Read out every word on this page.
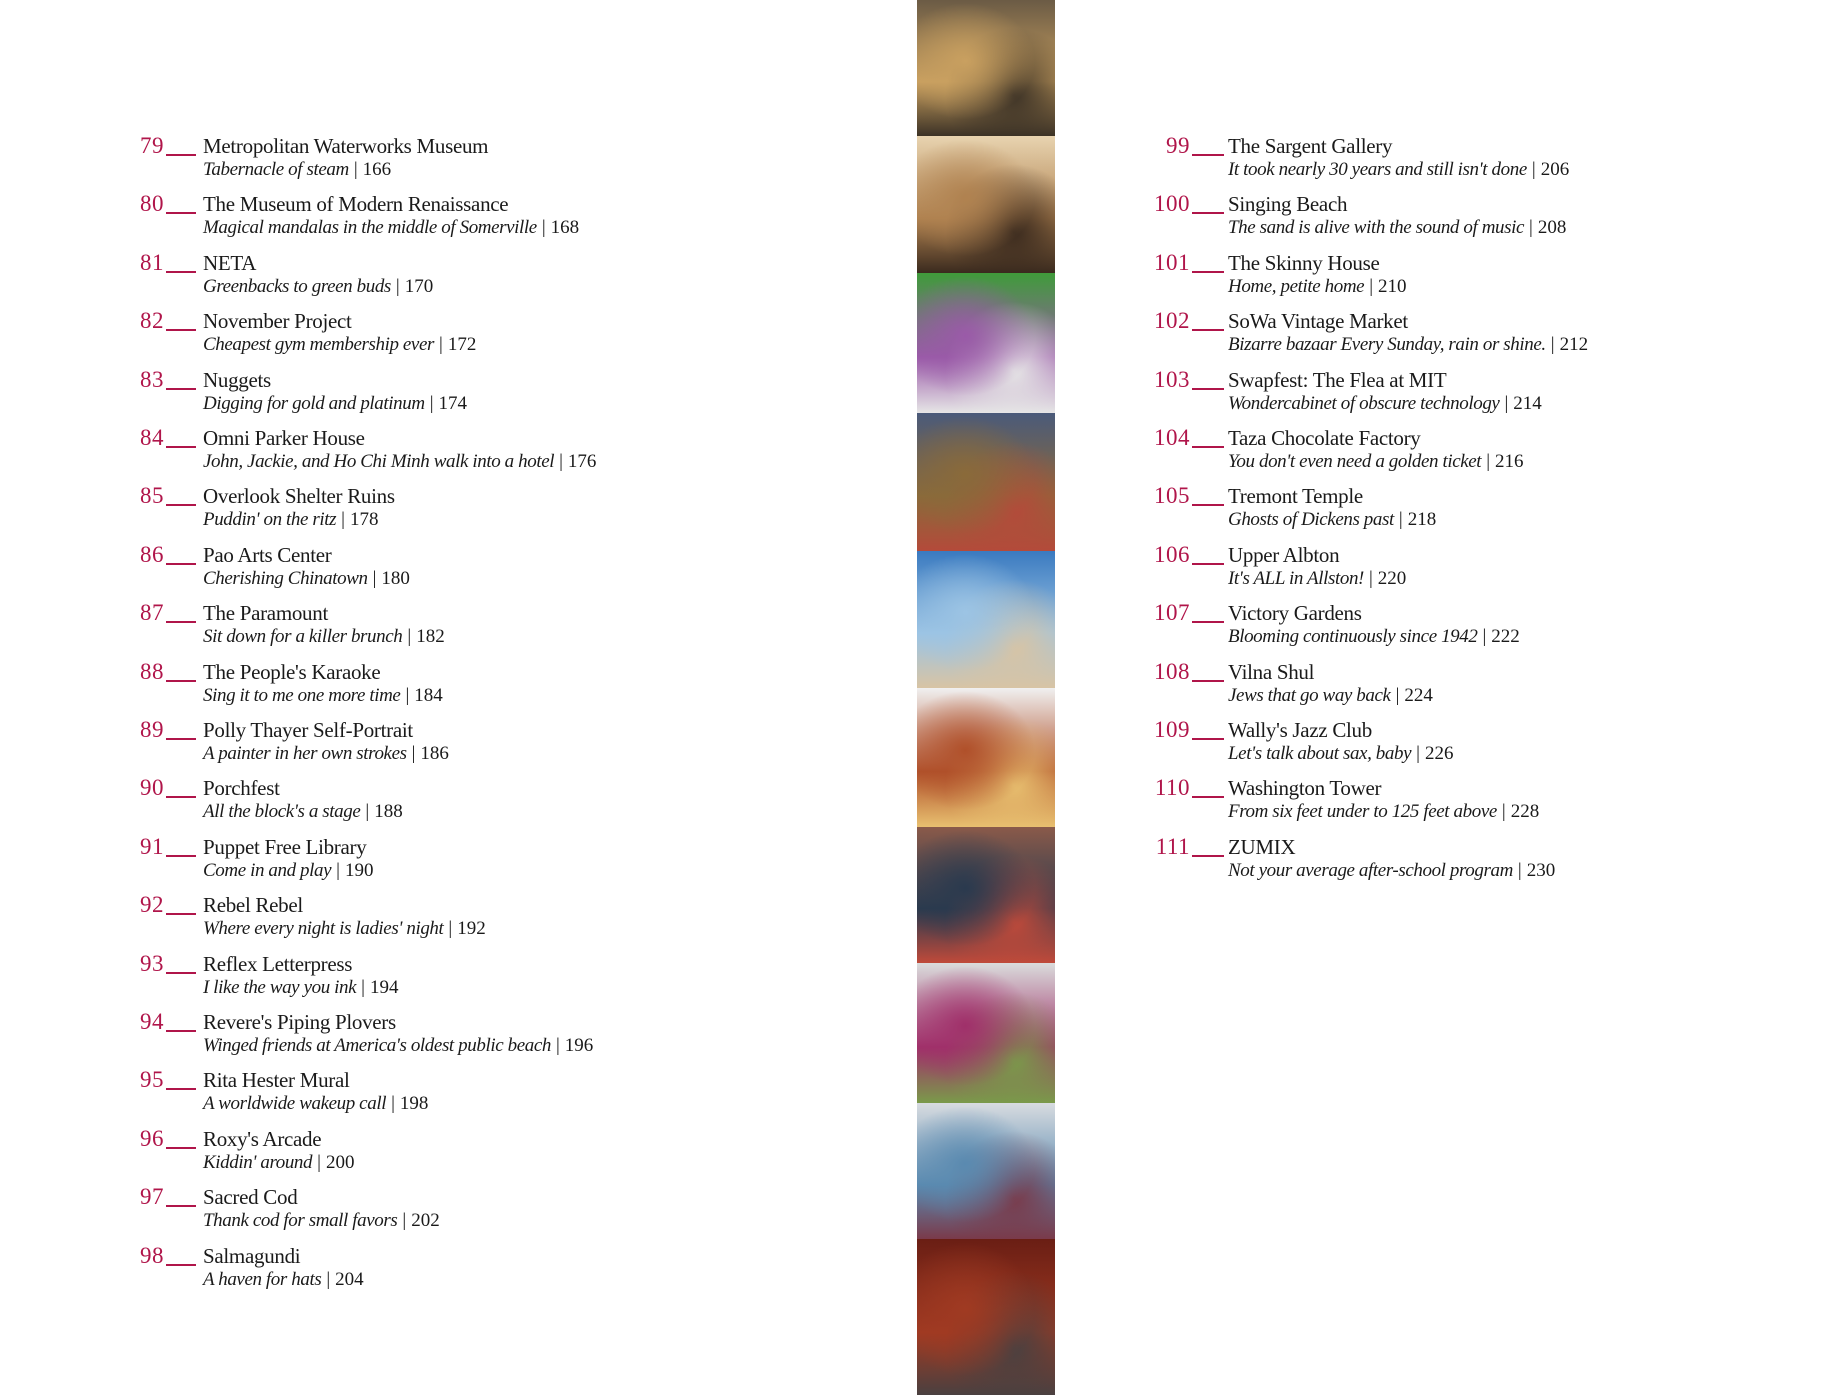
79 Metropolitan Waterworks Museum
Tabernacle of steam | 166
80 The Museum of Modern Renaissance
Magical mandalas in the middle of Somerville | 168
81 NETA
Greenbacks to green buds | 170
82 November Project
Cheapest gym membership ever | 172
83 Nuggets
Digging for gold and platinum | 174
84 Omni Parker House
John, Jackie, and Ho Chi Minh walk into a hotel | 176
85 Overlook Shelter Ruins
Puddin' on the ritz | 178
86 Pao Arts Center
Cherishing Chinatown | 180
87 The Paramount
Sit down for a killer brunch | 182
88 The People's Karaoke
Sing it to me one more time | 184
89 Polly Thayer Self-Portrait
A painter in her own strokes | 186
90 Porchfest
All the block's a stage | 188
91 Puppet Free Library
Come in and play | 190
92 Rebel Rebel
Where every night is ladies' night | 192
93 Reflex Letterpress
I like the way you ink | 194
94 Revere's Piping Plovers
Winged friends at America's oldest public beach | 196
95 Rita Hester Mural
A worldwide wakeup call | 198
96 Roxy's Arcade
Kiddin' around | 200
97 Sacred Cod
Thank cod for small favors | 202
98 Salmagundi
A haven for hats | 204
99 The Sargent Gallery
It took nearly 30 years and still isn't done | 206
100 Singing Beach
The sand is alive with the sound of music | 208
101 The Skinny House
Home, petite home | 210
102 SoWa Vintage Market
Bizarre bazaar Every Sunday, rain or shine. | 212
103 Swapfest: The Flea at MIT
Wondercabinet of obscure technology | 214
104 Taza Chocolate Factory
You don't even need a golden ticket | 216
105 Tremont Temple
Ghosts of Dickens past | 218
106 Upper Albton
It's ALL in Allston! | 220
107 Victory Gardens
Blooming continuously since 1942 | 222
108 Vilna Shul
Jews that go way back | 224
109 Wally's Jazz Club
Let's talk about sax, baby | 226
110 Washington Tower
From six feet under to 125 feet above | 228
111 ZUMIX
Not your average after-school program | 230
